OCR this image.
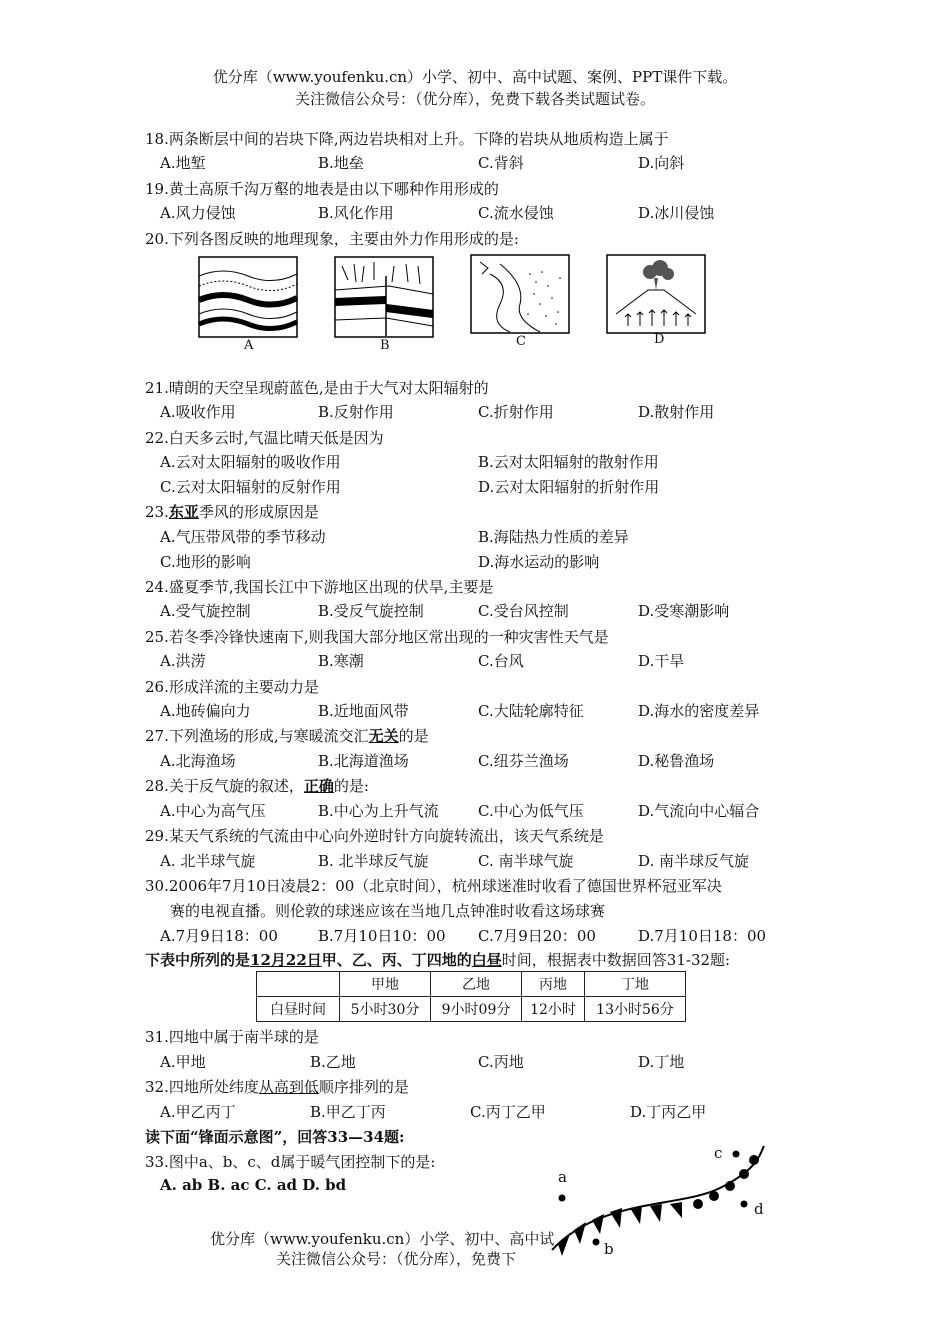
优分库（www.youfenku.cn）小学、初中、高中试题、案例、PPT课件下载。
关注微信公众号：（优分库），免费下载各类试题试卷。
18.两条断层中间的岩块下降,两边岩块相对上升。下降的岩块从地质构造上属于
A.地堑	B.地垒	C.背斜	D.向斜
19.黄土高原千沟万壑的地表是由以下哪种作用形成的
A.风力侵蚀	B.风化作用	C.流水侵蚀	D.冰川侵蚀
20.下列各图反映的地理现象，主要由外力作用形成的是:
A	B	C	D
21.晴朗的天空呈现蔚蓝色,是由于大气对太阳辐射的
A.吸收作用	B.反射作用	C.折射作用	D.散射作用
22.白天多云时,气温比晴天低是因为
A.云对太阳辐射的吸收作用	B.云对太阳辐射的散射作用
C.云对太阳辐射的反射作用	D.云对太阳辐射的折射作用
23.东亚季风的形成原因是
A.气压带风带的季节移动	B.海陆热力性质的差异
C.地形的影响	D.海水运动的影响
24.盛夏季节,我国长江中下游地区出现的伏旱,主要是
A.受气旋控制	B.受反气旋控制	C.受台风控制	D.受寒潮影响
25.若冬季冷锋快速南下,则我国大部分地区常出现的一种灾害性天气是
A.洪涝	B.寒潮	C.台风	D.干旱
26.形成洋流的主要动力是
A.地砖偏向力	B.近地面风带	C.大陆轮廓特征	D.海水的密度差异
27.下列渔场的形成,与寒暖流交汇无关的是
A.北海渔场	B.北海道渔场	C.纽芬兰渔场	D.秘鲁渔场
28.关于反气旋的叙述，正确的是:
A.中心为高气压	B.中心为上升气流	C.中心为低气压	D.气流向中心辐合
29.某天气系统的气流由中心向外逆时针方向旋转流出，该天气系统是
A. 北半球气旋	B. 北半球反气旋	C. 南半球气旋	D. 南半球反气旋
30.2006年7月10日凌晨2：00（北京时间），杭州球迷准时收看了德国世界杯冠亚军决
赛的电视直播。则伦敦的球迷应该在当地几点钟准时收看这场球赛
A.7月9日18：00	B.7月10日10：00 C.7月9日20：00	D.7月10日18：00
下表中所列的是12月22日甲、乙、丙、丁四地的白昼时间，根据表中数据回答31-32题:
	甲地	乙地	丙地	丁地
白昼时间	5小时30分	9小时09分	12小时	13小时56分
31.四地中属于南半球的是
A.甲地	B.乙地	C.丙地	D.丁地
32.四地所处纬度从高到低顺序排列的是
A.甲乙丙丁	B.甲乙丁丙	C.丙丁乙甲	D.丁丙乙甲
读下面“锋面示意图”，回答33—34题:
33.图中a、b、c、d属于暖气团控制下的是:
A. ab B. ac C. ad D. bd	a
b
c
d
优分库（www.youfenku.cn）小学、初中、高中试
关注微信公众号：（优分库），免费下
